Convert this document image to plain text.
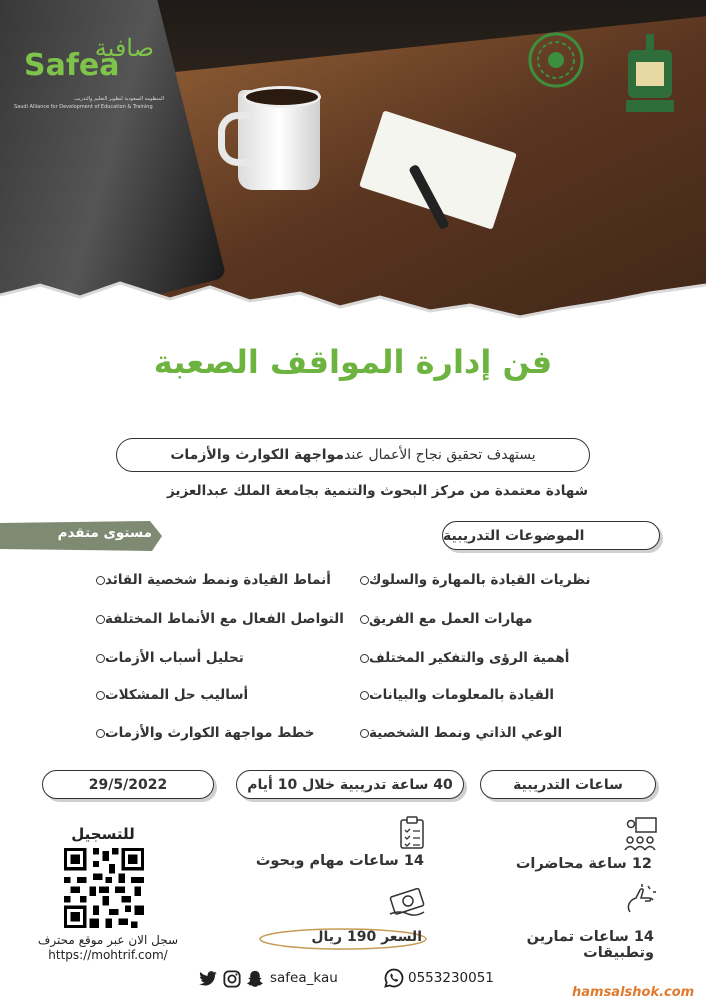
صافية
Safea
المنظومة السعودية لتطوير التعليم والتدريب
Saudi Alliance for Development of Education & Training
فن إدارة المواقف الصعبة
يستهدف تحقيق نجاح الأعمال عند
مواجهة الكوارث والأزمات
شهادة معتمدة من مركز البحوث والتنمية بجامعة الملك عبدالعزيز
مستوى متقدم	الموضوعات التدريبية
نظريات القيادة بالمهارة والسلوك
مهارات العمل مع الفريق
أهمية الرؤى والتفكير المختلف
القيادة بالمعلومات والبيانات
الوعي الذاتي ونمط الشخصية
أنماط القيادة ونمط شخصية القائد
التواصل الفعال مع الأنماط المختلفة
تحليل أسباب الأزمات
أساليب حل المشكلات
خطط مواجهة الكوارث والأزمات
ساعات التدريبية
40 ساعة تدريبية خلال 10 أيام
29/5/2022
12 ساعة محاضرات
14 ساعات مهام وبحوث
14 ساعات تمارين وتطبيقات
السعر 190 ريال
للتسجيل
سجل الان عبر موقع محترف
https://mohtrif.com/
safea_kau	0553230051
hamsalshok.com
